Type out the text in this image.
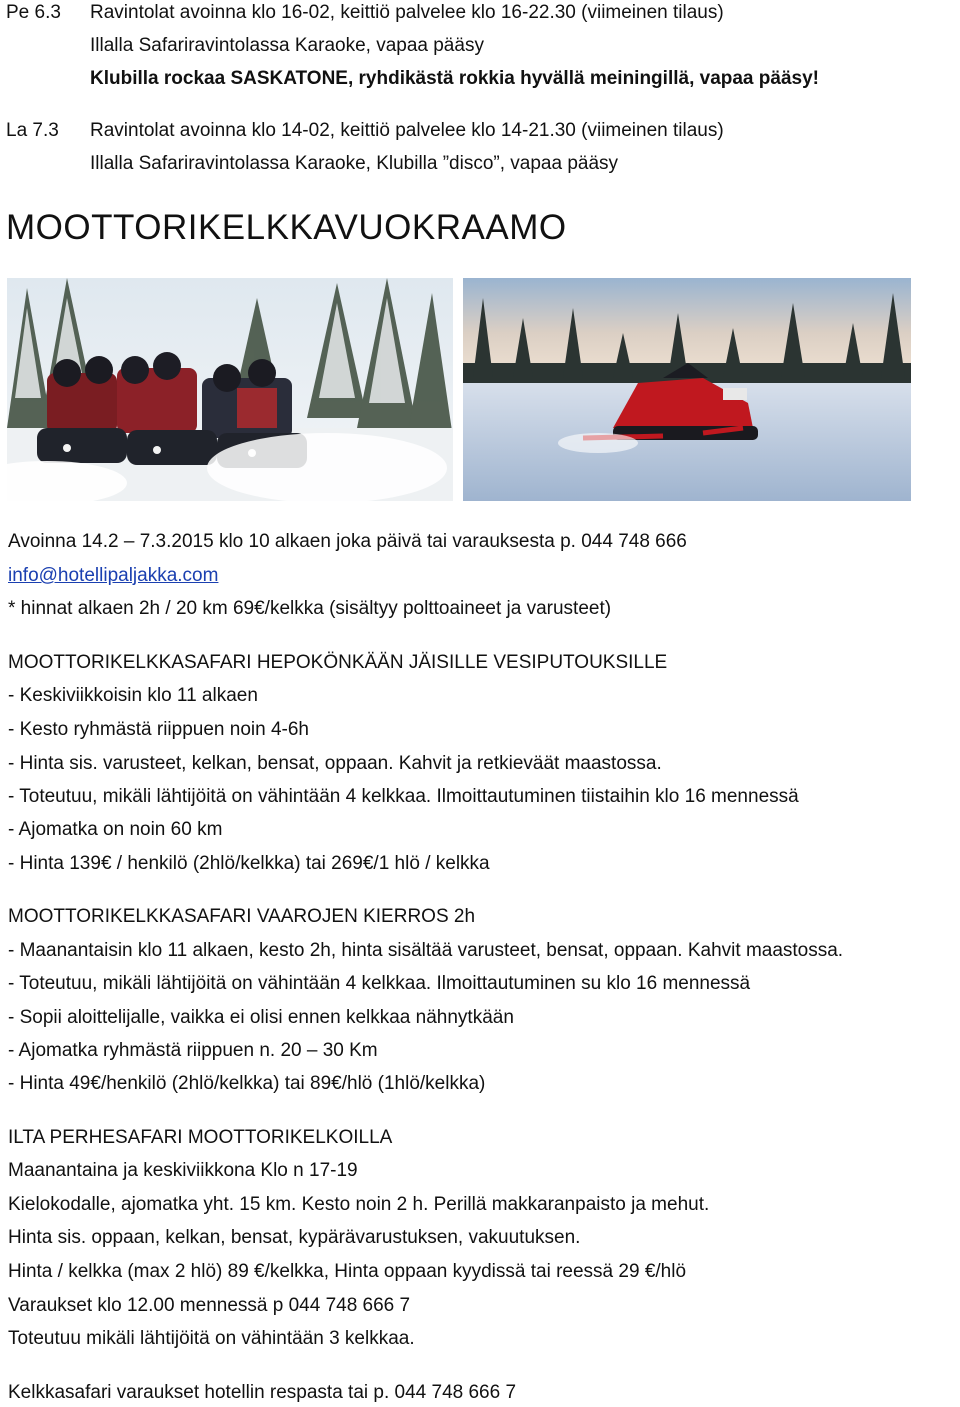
Pe 6.3 Ravintolat avoinna klo 16-02, keittiö palvelee klo 16-22.30 (viimeinen tilaus)
Illalla Safariravintolassa Karaoke, vapaa pääsy
Klubilla rockaa SASKATONE, ryhdikästä rokkia hyvällä meiningillä, vapaa pääsy!
La 7.3 Ravintolat avoinna klo 14-02, keittiö palvelee klo 14-21.30 (viimeinen tilaus)
Illalla Safariravintolassa Karaoke, Klubilla ”disco”, vapaa pääsy
MOOTTORIKELKKAVUOKRAAMO
Avoinna 14.2 – 7.3.2015 klo 10 alkaen joka päivä tai varauksesta p. 044 748 666
info@hotellipaljakka.com
* hinnat alkaen 2h / 20 km 69€/kelkka (sisältyy polttoaineet ja varusteet)
MOOTTORIKELKKASAFARI HEPOKÖNKÄÄN JÄISILLE VESIPUTOUKSILLE
- Keskiviikkoisin klo 11 alkaen
- Kesto ryhmästä riippuen noin 4-6h
- Hinta sis. varusteet, kelkan, bensat, oppaan. Kahvit ja retkieväät maastossa.
- Toteutuu, mikäli lähtijöitä on vähintään 4 kelkkaa. Ilmoittautuminen tiistaihin klo 16 mennessä
- Ajomatka on noin 60 km
- Hinta 139€ / henkilö (2hlö/kelkka) tai 269€/1 hlö / kelkka
MOOTTORIKELKKASAFARI VAAROJEN KIERROS 2h
- Maanantaisin klo 11 alkaen, kesto 2h, hinta sisältää varusteet, bensat, oppaan. Kahvit maastossa.
- Toteutuu, mikäli lähtijöitä on vähintään 4 kelkkaa. Ilmoittautuminen su klo 16 mennessä
- Sopii aloittelijalle, vaikka ei olisi ennen kelkkaa nähnytkään
- Ajomatka ryhmästä riippuen n. 20 – 30 Km
- Hinta 49€/henkilö (2hlö/kelkka) tai 89€/hlö (1hlö/kelkka)
ILTA PERHESAFARI MOOTTORIKELKOILLA
Maanantaina ja keskiviikkona Klo n 17-19
Kielokodalle, ajomatka yht. 15 km. Kesto noin 2 h. Perillä makkaranpaisto ja mehut.
Hinta sis. oppaan, kelkan, bensat, kypärävarustuksen, vakuutuksen.
Hinta / kelkka (max 2 hlö) 89 €/kelkka, Hinta oppaan kyydissä tai reessä 29 €/hlö
Varaukset klo 12.00 mennessä p 044 748 666 7
Toteutuu mikäli lähtijöitä on vähintään 3 kelkkaa.
Kelkkasafari varaukset hotellin respasta tai p. 044 748 666 7
